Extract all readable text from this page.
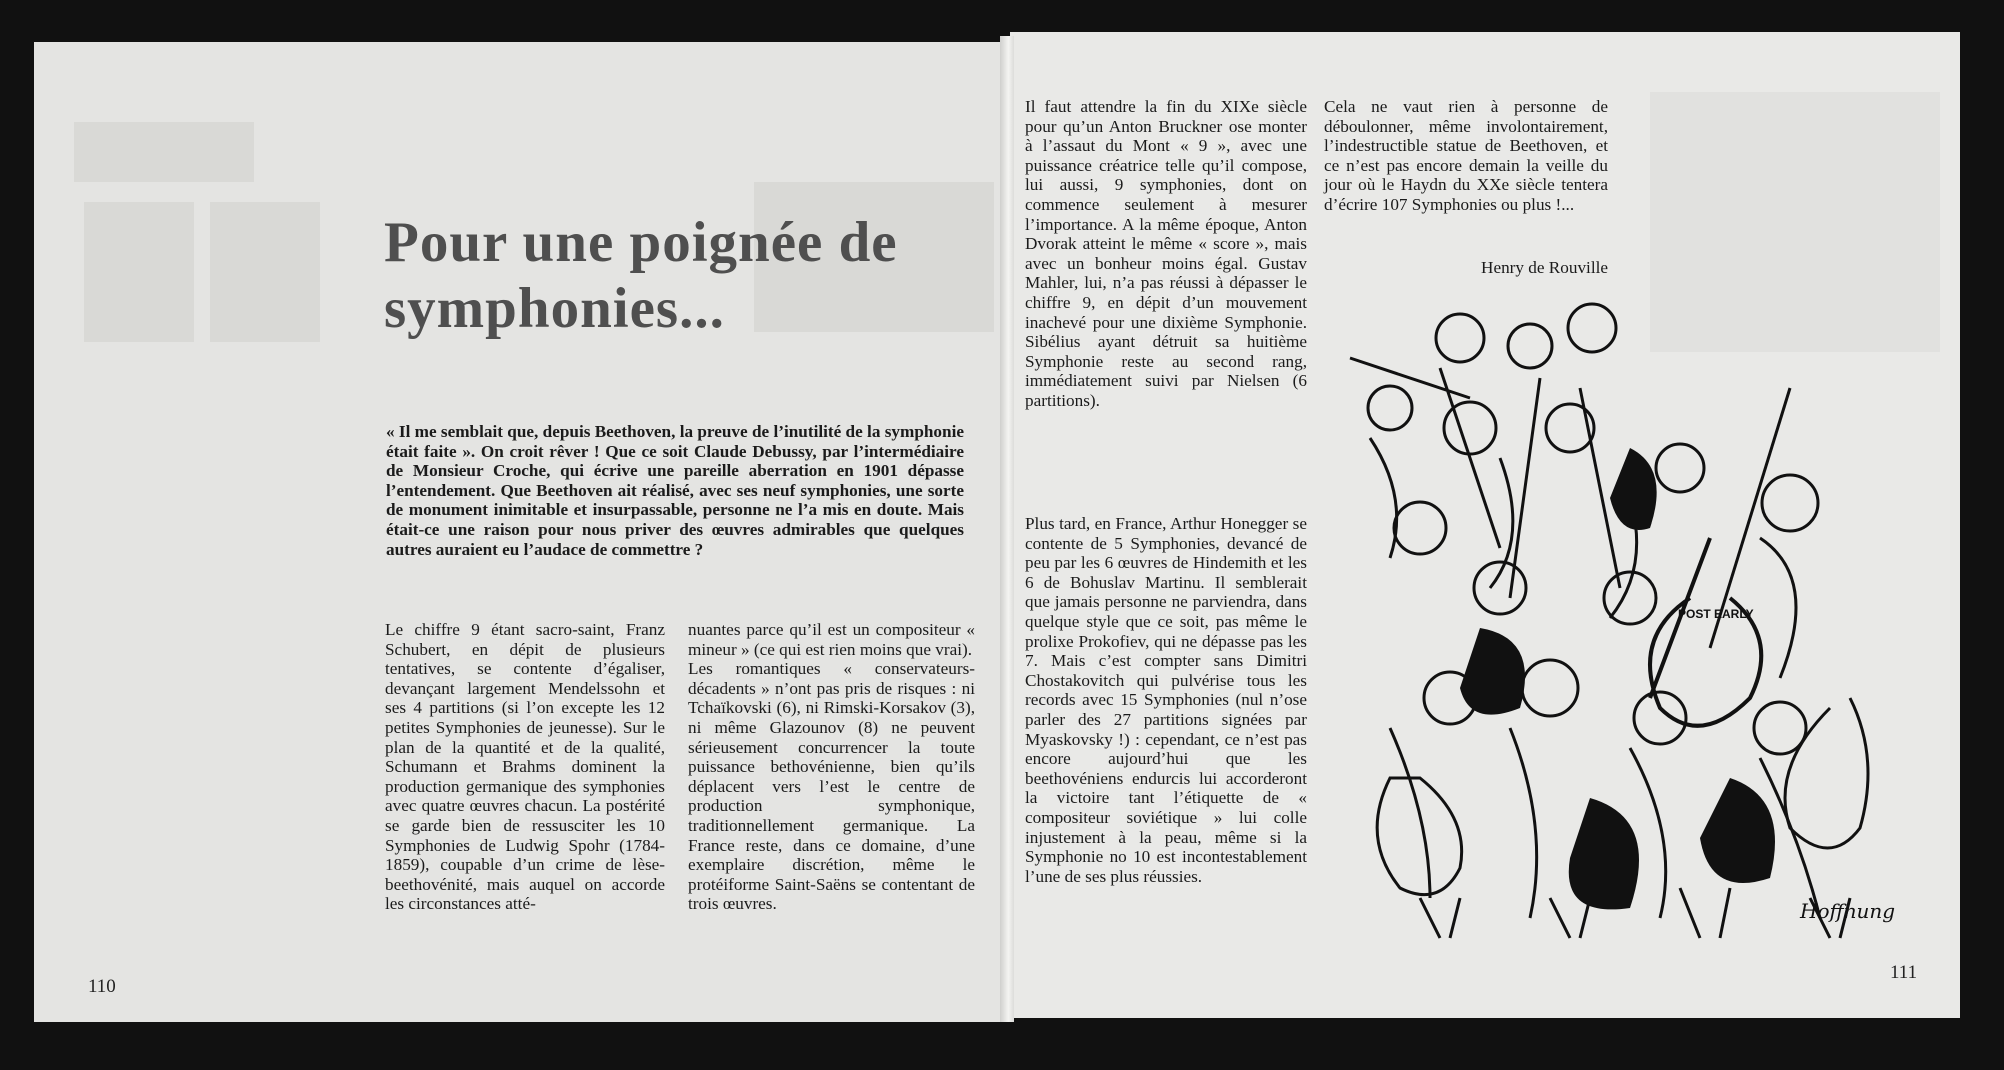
Pour une poignée de symphonies...

« Il me semblait que, depuis Beethoven, la preuve de l’inutilité de la symphonie était faite ». On croit rêver ! Que ce soit Claude Debussy, par l’intermédiaire de Monsieur Croche, qui écrive une pareille aberration en 1901 dépasse l’entendement. Que Beethoven ait réalisé, avec ses neuf symphonies, une sorte de monument inimitable et insurpassable, personne ne l’a mis en doute. Mais était-ce une raison pour nous priver des œuvres admirables que quelques autres auraient eu l’audace de commettre ?

Le chiffre 9 étant sacro-saint, Franz Schubert, en dépit de plusieurs tentatives, se contente d’égaliser, devançant largement Mendelssohn et ses 4 partitions (si l’on excepte les 12 petites Symphonies de jeunesse). Sur le plan de la quantité et de la qualité, Schumann et Brahms dominent la production germanique des symphonies avec quatre œuvres chacun. La postérité se garde bien de ressusciter les 10 Symphonies de Ludwig Spohr (1784-1859), coupable d’un crime de lèse-beethovénité, mais auquel on accorde les circonstances atté-

nuantes parce qu’il est un compositeur « mineur » (ce qui est rien moins que vrai).

Les romantiques « conservateurs-décadents » n’ont pas pris de risques : ni Tchaïkovski (6), ni Rimski-Korsakov (3), ni même Glazounov (8) ne peuvent sérieusement concurrencer la toute puissance bethovénienne, bien qu’ils déplacent vers l’est le centre de production symphonique, traditionnellement germanique. La France reste, dans ce domaine, d’une exemplaire discrétion, même le protéiforme Saint-Saëns se contentant de trois œuvres.

Il faut attendre la fin du XIXe siècle pour qu’un Anton Bruckner ose monter à l’assaut du Mont « 9 », avec une puissance créatrice telle qu’il compose, lui aussi, 9 symphonies, dont on commence seulement à mesurer l’importance. A la même époque, Anton Dvorak atteint le même « score », mais avec un bonheur moins égal. Gustav Mahler, lui, n’a pas réussi à dépasser le chiffre 9, en dépit d’un mouvement inachevé pour une dixième Symphonie. Sibélius ayant détruit sa huitième Symphonie reste au second rang, immédiatement suivi par Nielsen (6 partitions).

Cela ne vaut rien à personne de déboulonner, même involontairement, l’indestructible statue de Beethoven, et ce n’est pas encore demain la veille du jour où le Haydn du XXe siècle tentera d’écrire 107 Symphonies ou plus !...

Henry de Rouville

Plus tard, en France, Arthur Honegger se contente de 5 Symphonies, devancé de peu par les 6 œuvres de Hindemith et les 6 de Bohuslav Martinu. Il semblerait que jamais personne ne parviendra, dans quelque style que ce soit, pas même le prolixe Prokofiev, qui ne dépasse pas les 7. Mais c’est compter sans Dimitri Chostakovitch qui pulvérise tous les records avec 15 Symphonies (nul n’ose parler des 27 partitions signées par Myaskovsky !) : cependant, ce n’est pas encore aujourd’hui que les beethovéniens endurcis lui accorderont la victoire tant l’étiquette de « compositeur soviétique » lui colle injustement à la peau, même si la Symphonie no 10 est incontestablement l’une de ses plus réussies.

POST EARLY
Hoffnung
110
111
